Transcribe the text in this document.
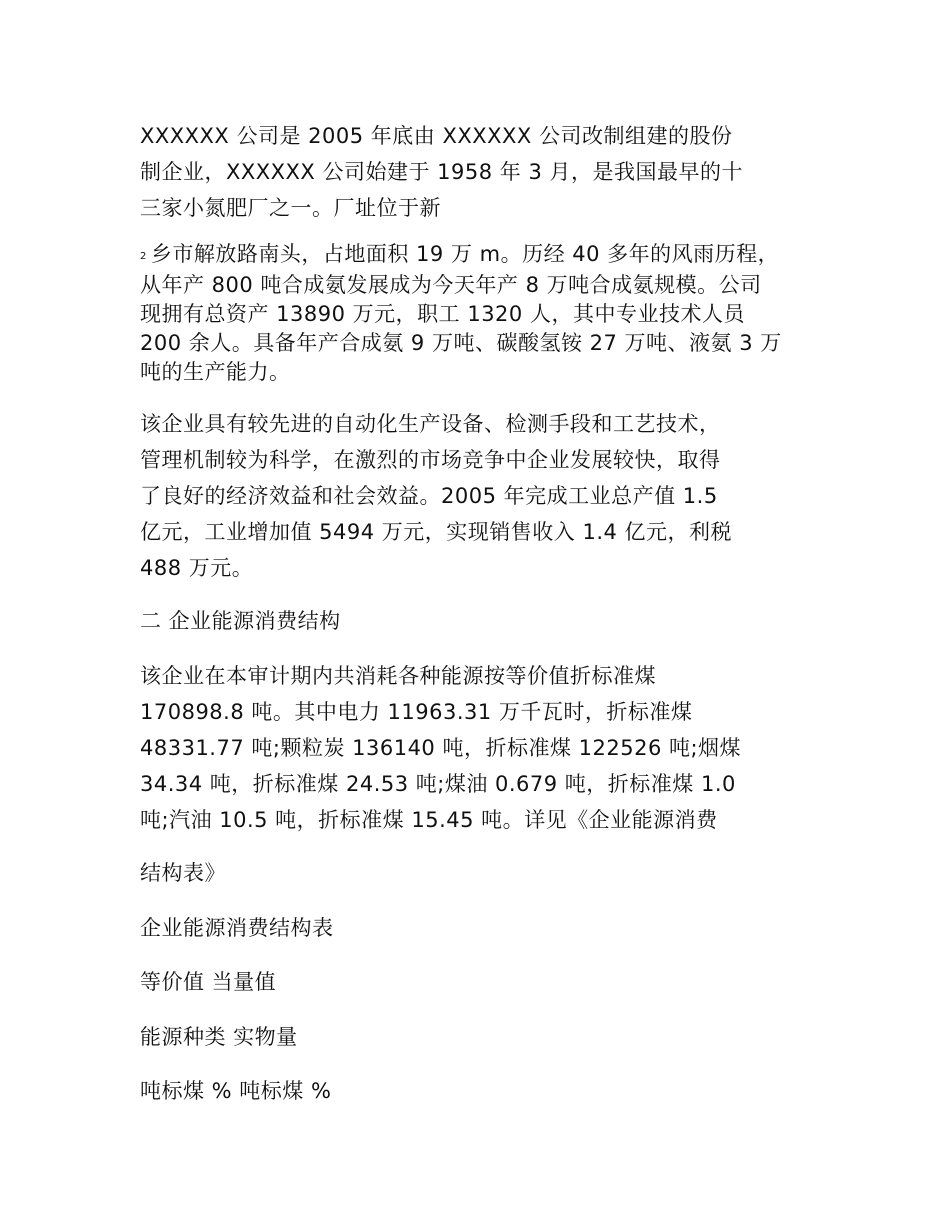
XXXXXX 公司是 2005 年底由 XXXXXX 公司改制组建的股份
制企业，XXXXXX 公司始建于 1958 年 3 月，是我国最早的十
三家小氮肥厂之一。厂址位于新
2 乡市解放路南头，占地面积 19 万 m。历经 40 多年的风雨历程，
从年产 800 吨合成氨发展成为今天年产 8 万吨合成氨规模。公司
现拥有总资产 13890 万元，职工 1320 人，其中专业技术人员
200 余人。具备年产合成氨 9 万吨、碳酸氢铵 27 万吨、液氨 3 万
吨的生产能力。
该企业具有较先进的自动化生产设备、检测手段和工艺技术，
管理机制较为科学，在激烈的市场竞争中企业发展较快，取得
了良好的经济效益和社会效益。2005 年完成工业总产值 1.5
亿元，工业增加值 5494 万元，实现销售收入 1.4 亿元，利税
488 万元。
二 企业能源消费结构
该企业在本审计期内共消耗各种能源按等价值折标准煤
170898.8 吨。其中电力 11963.31 万千瓦时，折标准煤
48331.77 吨;颗粒炭 136140 吨，折标准煤 122526 吨;烟煤
34.34 吨，折标准煤 24.53 吨;煤油 0.679 吨，折标准煤 1.0
吨;汽油 10.5 吨，折标准煤 15.45 吨。详见《企业能源消费
结构表》
企业能源消费结构表
等价值 当量值
能源种类 实物量
吨标煤 % 吨标煤 %
